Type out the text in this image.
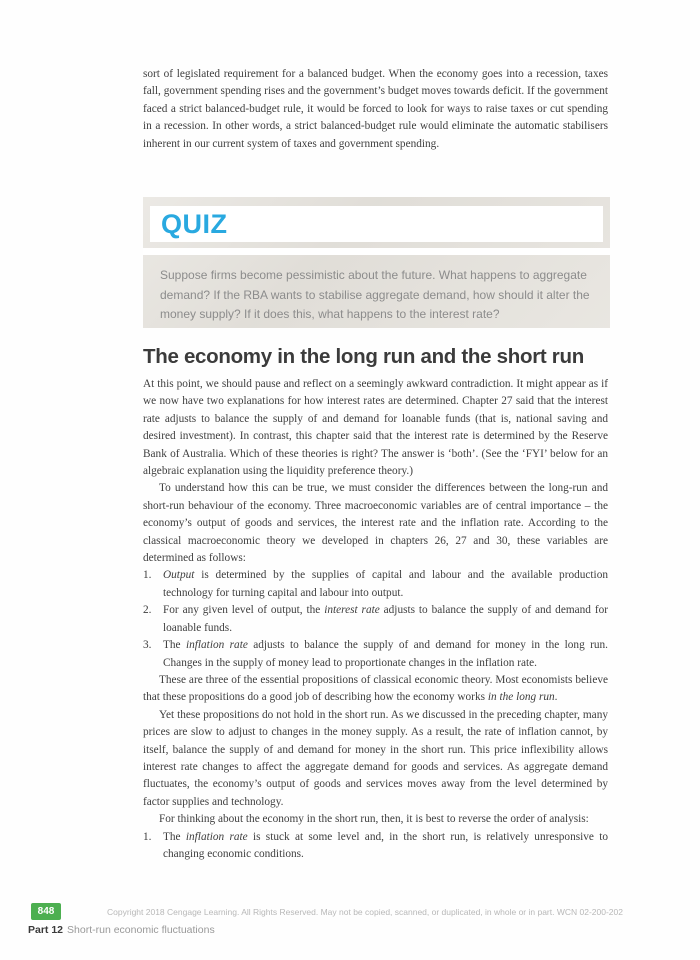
sort of legislated requirement for a balanced budget. When the economy goes into a recession, taxes fall, government spending rises and the government’s budget moves towards deficit. If the government faced a strict balanced-budget rule, it would be forced to look for ways to raise taxes or cut spending in a recession. In other words, a strict balanced-budget rule would eliminate the automatic stabilisers inherent in our current system of taxes and government spending.

QUIZ

Suppose firms become pessimistic about the future. What happens to aggregate demand? If the RBA wants to stabilise aggregate demand, how should it alter the money supply? If it does this, what happens to the interest rate?

The economy in the long run and the short run
At this point, we should pause and reflect on a seemingly awkward contradiction. It might appear as if we now have two explanations for how interest rates are determined. Chapter 27 said that the interest rate adjusts to balance the supply of and demand for loanable funds (that is, national saving and desired investment). In contrast, this chapter said that the interest rate is determined by the Reserve Bank of Australia. Which of these theories is right? The answer is ‘both’. (See the ‘FYI’ below for an algebraic explanation using the liquidity preference theory.)
To understand how this can be true, we must consider the differences between the long-run and short-run behaviour of the economy. Three macroeconomic variables are of central importance – the economy’s output of goods and services, the interest rate and the inflation rate. According to the classical macroeconomic theory we developed in chapters 26, 27 and 30, these variables are determined as follows:
1. Output is determined by the supplies of capital and labour and the available production technology for turning capital and labour into output.
2. For any given level of output, the interest rate adjusts to balance the supply of and demand for loanable funds.
3. The inflation rate adjusts to balance the supply of and demand for money in the long run. Changes in the supply of money lead to proportionate changes in the inflation rate.
These are three of the essential propositions of classical economic theory. Most economists believe that these propositions do a good job of describing how the economy works in the long run.
Yet these propositions do not hold in the short run. As we discussed in the preceding chapter, many prices are slow to adjust to changes in the money supply. As a result, the rate of inflation cannot, by itself, balance the supply of and demand for money in the short run. This price inflexibility allows interest rate changes to affect the aggregate demand for goods and services. As aggregate demand fluctuates, the economy’s output of goods and services moves away from the level determined by factor supplies and technology.
For thinking about the economy in the short run, then, it is best to reverse the order of analysis:
1. The inflation rate is stuck at some level and, in the short run, is relatively unresponsive to changing economic conditions.
848	Copyright 2018 Cengage Learning. All Rights Reserved. May not be copied, scanned, or duplicated, in whole or in part. WCN 02-200-202
Part 12 Short-run economic fluctuations
